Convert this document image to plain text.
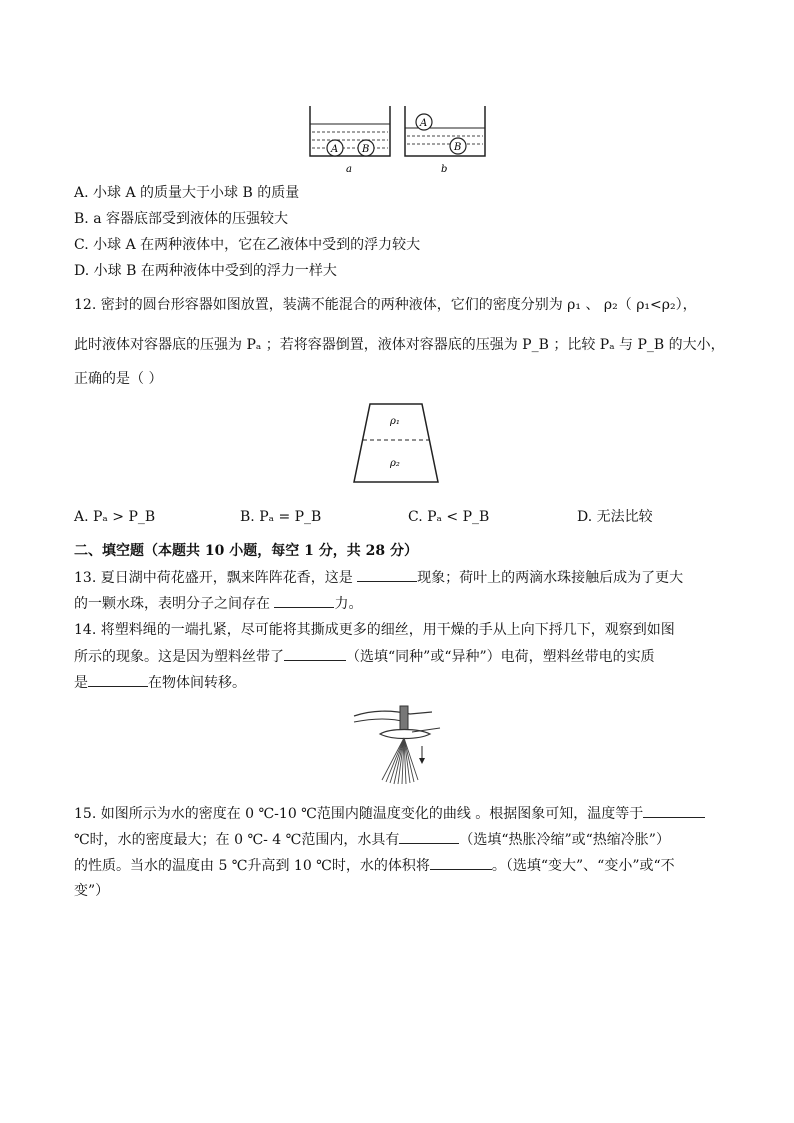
A B
A
B
a	b
A. 小球 A 的质量大于小球 B 的质量
B. a 容器底部受到液体的压强较大
C. 小球 A 在两种液体中，它在乙液体中受到的浮力较大
D. 小球 B 在两种液体中受到的浮力一样大
12. 密封的圆台形容器如图放置，装满不能混合的两种液体，它们的密度分别为 ρ₁ 、 ρ₂（ ρ₁<ρ₂），
此时液体对容器底的压强为 Pₐ ；若将容器倒置，液体对容器底的压强为 P_B ；比较 Pₐ 与 P_B 的大小，
正确的是（ ）
ρ₁
ρ₂
A. Pₐ > P_B	B. Pₐ = P_B	C. Pₐ < P_B	D. 无法比较
二、填空题（本题共 10 小题，每空 1 分，共 28 分）
13. 夏日湖中荷花盛开，飘来阵阵花香，这是	现象；荷叶上的两滴水珠接触后成为了更大
的一颗水珠，表明分子之间存在	力。
14. 将塑料绳的一端扎紧，尽可能将其撕成更多的细丝，用干燥的手从上向下捋几下，观察到如图
所示的现象。这是因为塑料丝带了	（选填“同种”或“异种”）电荷，塑料丝带电的实质
是	在物体间转移。
15. 如图所示为水的密度在 0 ℃-10 ℃范围内随温度变化的曲线 。根据图象可知，温度等于
℃时，水的密度最大；在 0 ℃- 4 ℃范围内，水具有	（选填“热胀冷缩”或“热缩冷胀”）
的性质。当水的温度由 5 ℃升高到 10 ℃时，水的体积将	。（选填“变大”、“变小”或“不
变”）
